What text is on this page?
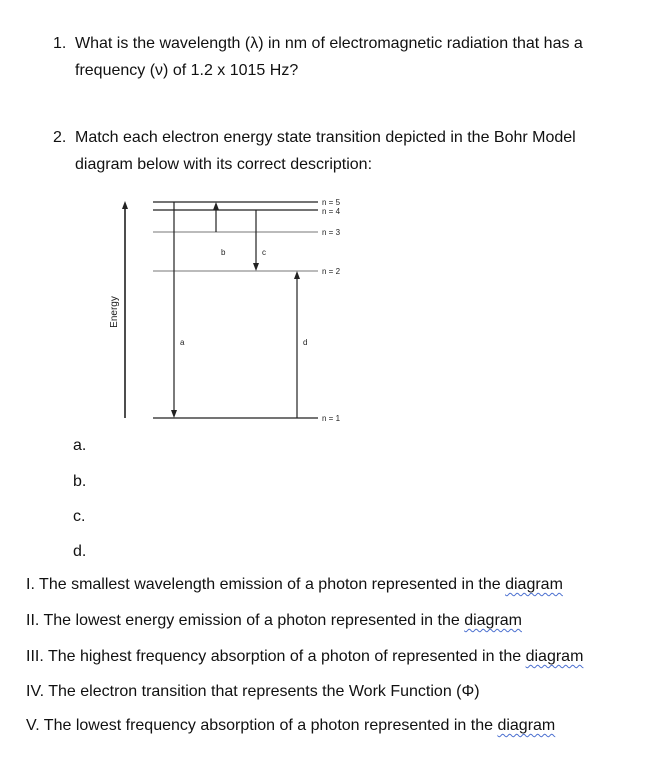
1. What is the wavelength (λ) in nm of electromagnetic radiation that has a
frequency (ν) of 1.2 x 1015 Hz?
2. Match each electron energy state transition depicted in the Bohr Model
diagram below with its correct description:
Energy
n = 5
n = 4
n = 3
n = 2
n = 1
a
b	c
d
a.
b.
c.
d.
I. The smallest wavelength emission of a photon represented in the diagram
II. The lowest energy emission of a photon represented in the diagram
III. The highest frequency absorption of a photon of represented in the diagram
IV. The electron transition that represents the Work Function (Φ)
V. The lowest frequency absorption of a photon represented in the diagram
